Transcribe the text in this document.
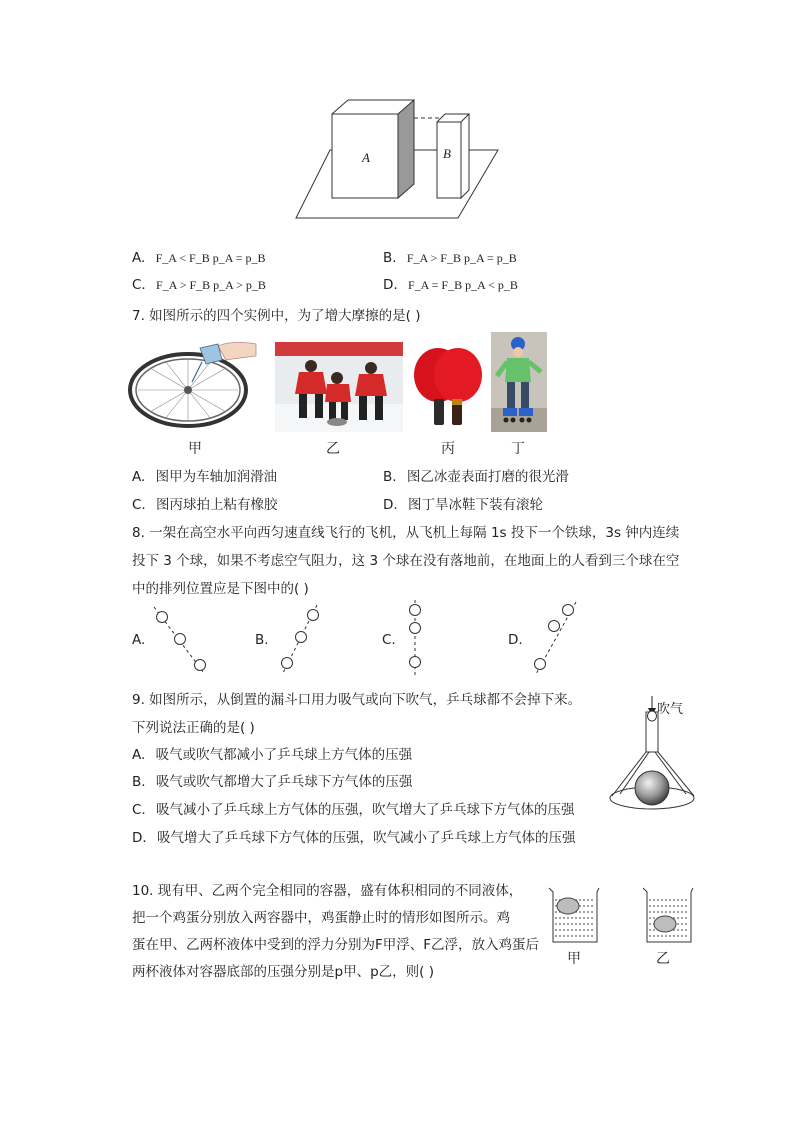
A	B
A. F_A < F_B p_A = p_B	B. F_A > F_B p_A = p_B
C. F_A > F_B p_A > p_B	D. F_A = F_B p_A < p_B
7. 如图所示的四个实例中，为了增大摩擦的是( )
甲	乙	丙	丁
A. 图甲为车轴加润滑油	B. 图乙冰壶表面打磨的很光滑
C. 图丙球拍上粘有橡胶	D. 图丁旱冰鞋下装有滚轮
8. 一架在高空水平向西匀速直线飞行的飞机，从飞机上每隔 1s 投下一个铁球，3s 钟内连续
投下 3 个球，如果不考虑空气阻力，这 3 个球在没有落地前，在地面上的人看到三个球在空
中的排列位置应是下图中的( )
A.	B.	C.	D.
9. 如图所示，从倒置的漏斗口用力吸气或向下吹气，乒乓球都不会掉下来。
下列说法正确的是( )
A. 吸气或吹气都减小了乒乓球上方气体的压强
B. 吸气或吹气都增大了乒乓球下方气体的压强
C. 吸气减小了乒乓球上方气体的压强，吹气增大了乒乓球下方气体的压强
D. 吸气增大了乒乓球下方气体的压强，吹气减小了乒乓球上方气体的压强
吹气
10. 现有甲、乙两个完全相同的容器，盛有体积相同的不同液体，
把一个鸡蛋分别放入两容器中，鸡蛋静止时的情形如图所示。鸡
蛋在甲、乙两杯液体中受到的浮力分别为F甲浮、F乙浮，放入鸡蛋后
两杯液体对容器底部的压强分别是p甲、p乙，则( )
甲	乙
